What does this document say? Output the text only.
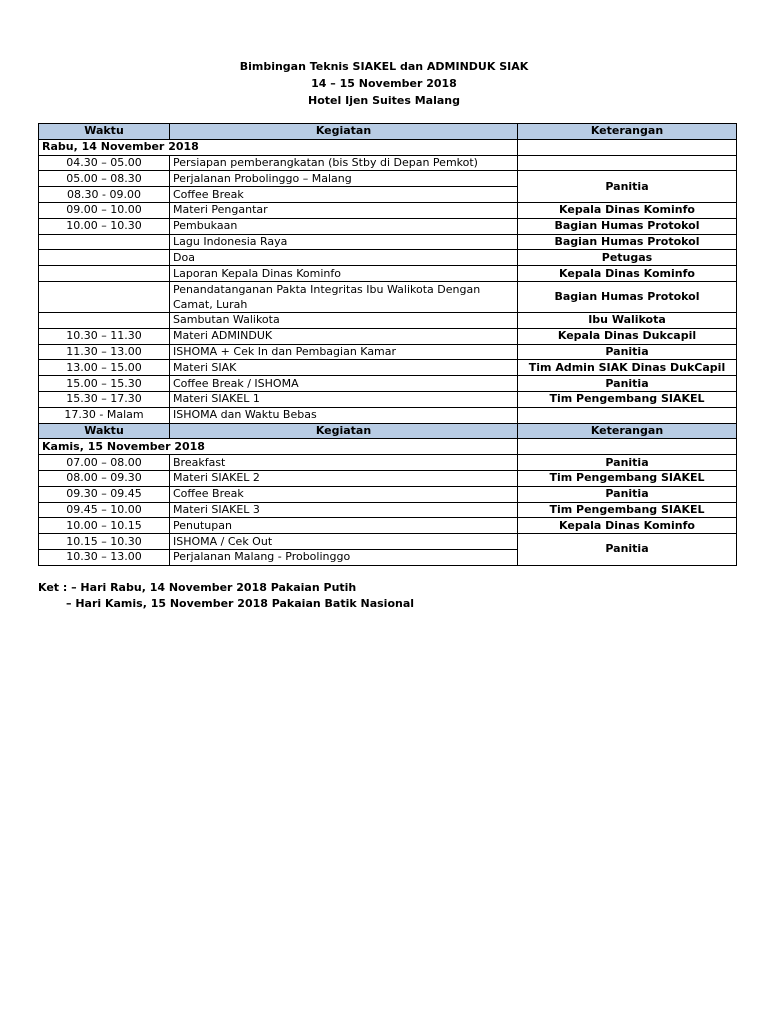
Bimbingan Teknis SIAKEL dan ADMINDUK SIAK
14 – 15 November 2018
Hotel Ijen Suites Malang
Waktu	Kegiatan	Keterangan
Rabu, 14 November 2018		
04.30 – 05.00	Persiapan pemberangkatan (bis Stby di Depan Pemkot)	
05.00 – 08.30	Perjalanan Probolinggo – Malang	Panitia
08.30 - 09.00	Coffee Break	
09.00 – 10.00	Materi Pengantar	Kepala Dinas Kominfo
10.00 – 10.30	Pembukaan	Bagian Humas Protokol
	Lagu Indonesia Raya	Bagian Humas Protokol
	Doa	Petugas
	Laporan Kepala Dinas Kominfo	Kepala Dinas Kominfo
	Penandatanganan Pakta Integritas Ibu Walikota Dengan Camat, Lurah	Bagian Humas Protokol
	Sambutan Walikota	Ibu Walikota
10.30 – 11.30	Materi ADMINDUK	Kepala Dinas Dukcapil
11.30 – 13.00	ISHOMA + Cek In dan Pembagian Kamar	Panitia
13.00 – 15.00	Materi SIAK	Tim Admin SIAK Dinas DukCapil
15.00 – 15.30	Coffee Break / ISHOMA	Panitia
15.30 – 17.30	Materi SIAKEL 1	Tim Pengembang SIAKEL
17.30 - Malam	ISHOMA dan Waktu Bebas	
Waktu	Kegiatan	Keterangan
Kamis, 15 November 2018		
07.00 – 08.00	Breakfast	Panitia
08.00 – 09.30	Materi SIAKEL 2	Tim Pengembang SIAKEL
09.30 – 09.45	Coffee Break	Panitia
09.45 – 10.00	Materi SIAKEL 3	Tim Pengembang SIAKEL
10.00 – 10.15	Penutupan	Kepala Dinas Kominfo
10.15 – 10.30	ISHOMA / Cek Out	Panitia
10.30 – 13.00	Perjalanan Malang - Probolinggo	
Ket : – Hari Rabu, 14 November 2018 Pakaian Putih
– Hari Kamis, 15 November 2018 Pakaian Batik Nasional
